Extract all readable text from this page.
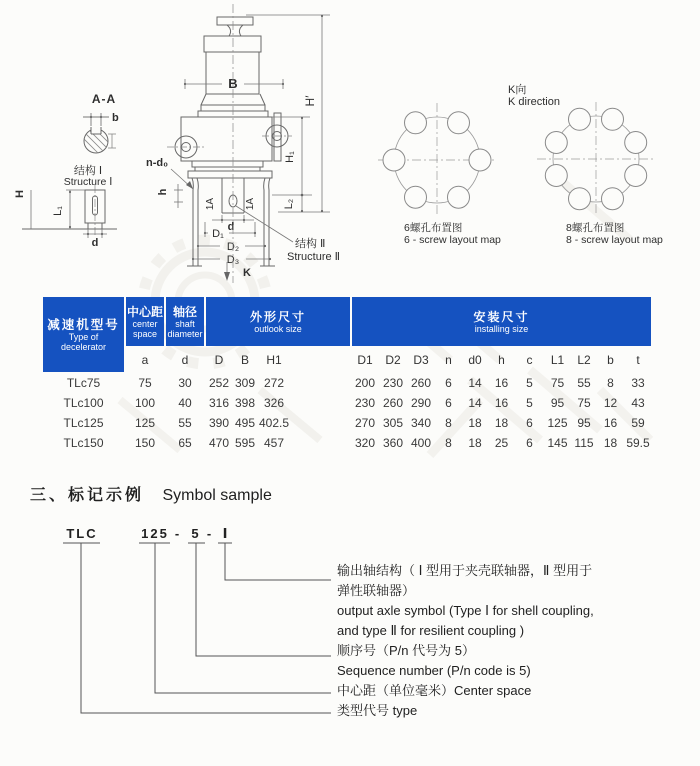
A-A
b
结构 Ⅰ
Structure Ⅰ
H
L₁
d
B
H′
H₁
L₂
h
n-d₀
1A	1A
d
D₁
D₂
D₃
K
结构 Ⅱ
Structure Ⅱ
K向
K direction
6螺孔布置图
6 - screw layout map
8螺孔布置图
8 - screw layout map
减速机型号
Type of
decelerator
中心距
center
space
轴径
shaft
diameter
外形尺寸
outlook size
安装尺寸
installing size
a	d	D	B	H1	D1	D2	D3	n	d0	h	c	L1	L2	b	t
TLc75	75	30	252 309 272	200 230 260	6	14	16	5	75	55	8	33
TLc100	100	40	316 398 326	230 260 290	6	14	16	5	95	75	12	43
TLc125	125	55	390 495 402.5	270 305 340	8	18	18	6	125 95	16	59
TLc150	150	65	470 595 457	320 360 400	8	18	25	6	145 115 18 59.5
三、标记示例 Symbol sample
TLC	125 - 5 - Ⅰ
输出轴结构（ Ⅰ 型用于夹壳联轴器，Ⅱ 型用于
弹性联轴器）
output axle symbol (Type Ⅰ for shell coupling,
and type Ⅱ for resilient coupling )
顺序号（P/n 代号为 5）
Sequence number (P/n code is 5)
中心距（单位毫米）Center space
类型代号 type
